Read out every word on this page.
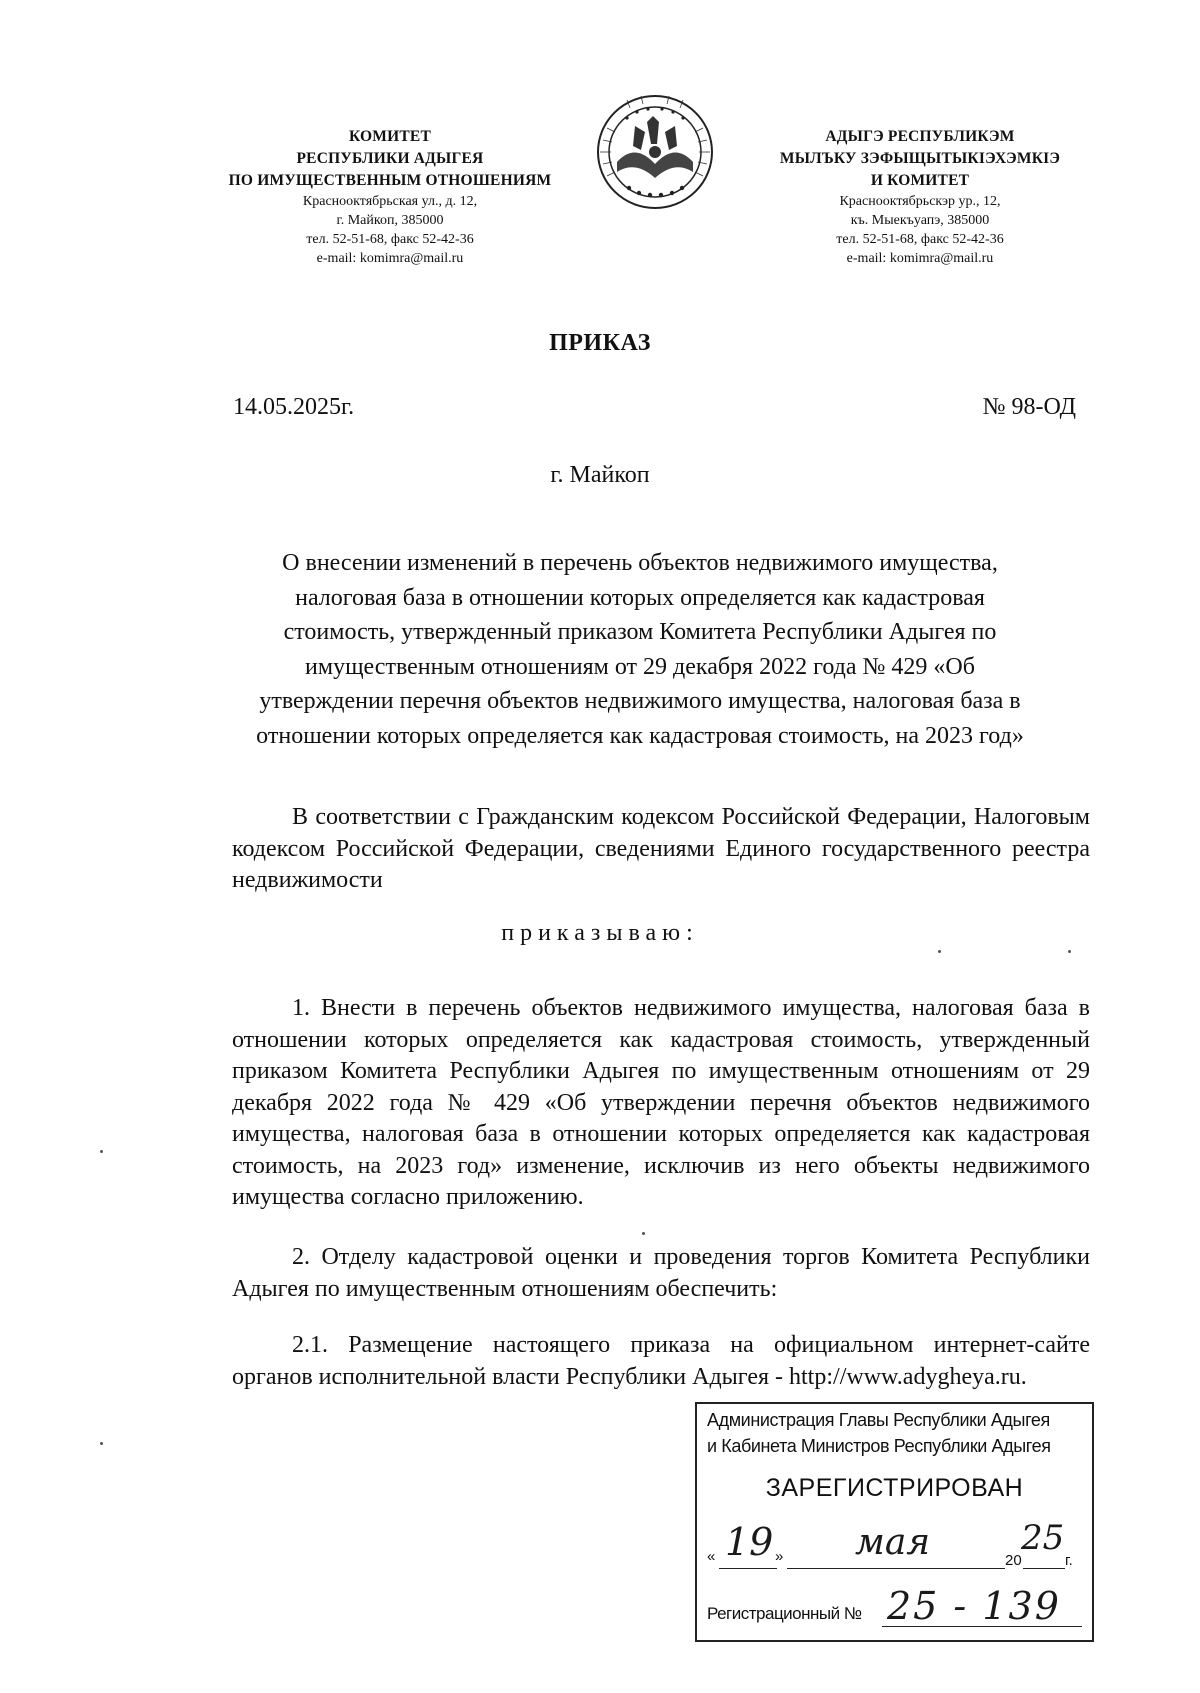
КОМИТЕТ
РЕСПУБЛИКИ АДЫГЕЯ
ПО ИМУЩЕСТВЕННЫМ ОТНОШЕНИЯМ
Краснооктябрьская ул., д. 12,
г. Майкоп, 385000
тел. 52-51-68, факс 52-42-36
e-mail: komimra@mail.ru
АДЫГЭ РЕСПУБЛИКЭМ
МЫЛЪКУ ЗЭФЫЩЫТЫКІЭХЭМКІЭ
И КОМИТЕТ
Краснооктябрьскэр ур., 12,
къ. Мыекъуапэ, 385000
тел. 52-51-68, факс 52-42-36
e-mail: komimra@mail.ru
ПРИКАЗ
14.05.2025г.	№ 98-ОД
г. Майкоп
О внесении изменений в перечень объектов недвижимого имущества,
налоговая база в отношении которых определяется как кадастровая
стоимость, утвержденный приказом Комитета Республики Адыгея по
имущественным отношениям от 29 декабря 2022 года № 429 «Об
утверждении перечня объектов недвижимого имущества, налоговая база в
отношении которых определяется как кадастровая стоимость, на 2023 год»
В соответствии с Гражданским кодексом Российской Федерации, Налоговым кодексом Российской Федерации, сведениями Единого государственного реестра недвижимости
приказываю:
1. Внести в перечень объектов недвижимого имущества, налоговая база в отношении которых определяется как кадастровая стоимость, утвержденный приказом Комитета Республики Адыгея по имущественным отношениям от 29 декабря 2022 года № 429 «Об утверждении перечня объектов недвижимого имущества, налоговая база в отношении которых определяется как кадастровая стоимость, на 2023 год» изменение, исключив из него объекты недвижимого имущества согласно приложению.
2. Отделу кадастровой оценки и проведения торгов Комитета Республики Адыгея по имущественным отношениям обеспечить:
2.1. Размещение настоящего приказа на официальном интернет-сайте органов исполнительной власти Республики Адыгея - http://www.adygheya.ru.
Администрация Главы Республики Адыгея
и Кабинета Министров Республики Адыгея
ЗАРЕГИСТРИРОВАН
« 19 » мая	20
25
г.
Регистрационный № 25 - 139
